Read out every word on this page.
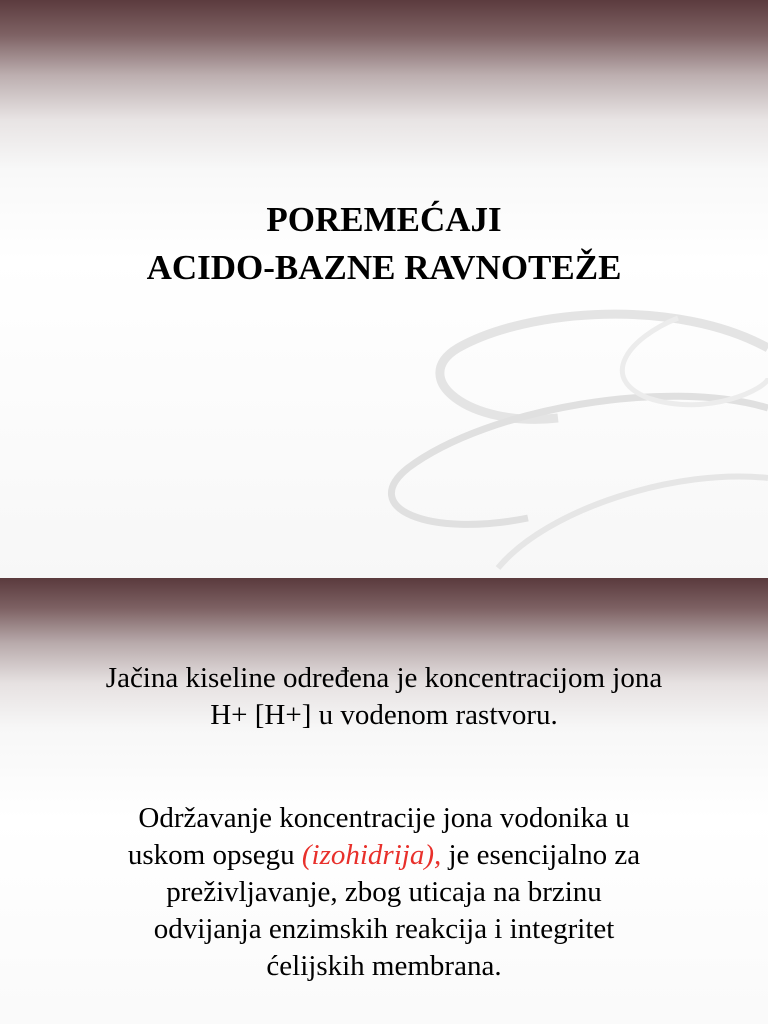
POREMEĆAJI
ACIDO-BAZNE RAVNOTEŽE
Jačina kiseline određena je koncentracijom jona
H+ [H+] u vodenom rastvoru.
Održavanje koncentracije jona vodonika u
uskom opsegu (izohidrija), je esencijalno za
preživljavanje, zbog uticaja na brzinu
odvijanja enzimskih reakcija i integritet
ćelijskih membrana.
